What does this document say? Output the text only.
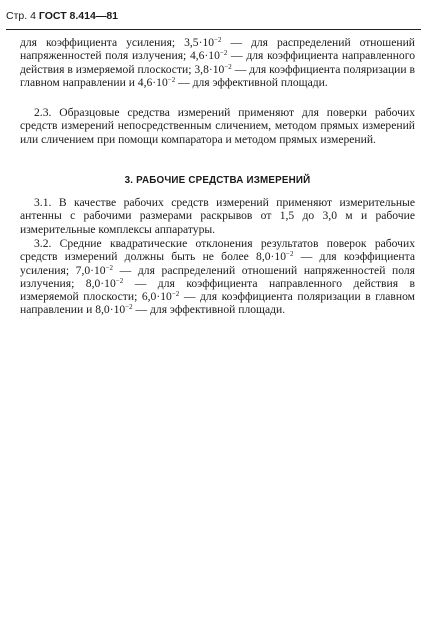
Стр. 4 ГОСТ 8.414—81

для коэффициента усиления; $3,5\cdot 10^{-2}$ — для распределений отношений напряженностей поля излучения; $4,6\cdot 10^{-2}$ — для коэффициента направленного действия в измеряемой плоскости; $3,8\cdot 10^{-2}$ — для коэффициента поляризации в главном направлении и $4,6\cdot 10^{-2}$ — для эффективной площади.

2.3. Образцовые средства измерений применяют для поверки рабочих средств измерений непосредственным сличением, методом прямых измерений или сличением при помощи компаратора и методом прямых измерений.

3. РАБОЧИЕ СРЕДСТВА ИЗМЕРЕНИЙ

3.1. В качестве рабочих средств измерений применяют измерительные антенны с рабочими размерами раскрывов от 1,5 до 3,0 м и рабочие измерительные комплексы аппаратуры.

3.2. Средние квадратические отклонения результатов поверок рабочих средств измерений должны быть не более $8,0\cdot 10^{-2}$ — для коэффициента усиления; $7,0\cdot 10^{-2}$ — для распределений отношений напряженностей поля излучения; $8,0\cdot 10^{-2}$ — для коэффициента направленного действия в измеряемой плоскости; $6,0\cdot 10^{-2}$ — для коэффициента поляризации в главном направлении и $8,0\cdot 10^{-2}$ — для эффективной площади.
